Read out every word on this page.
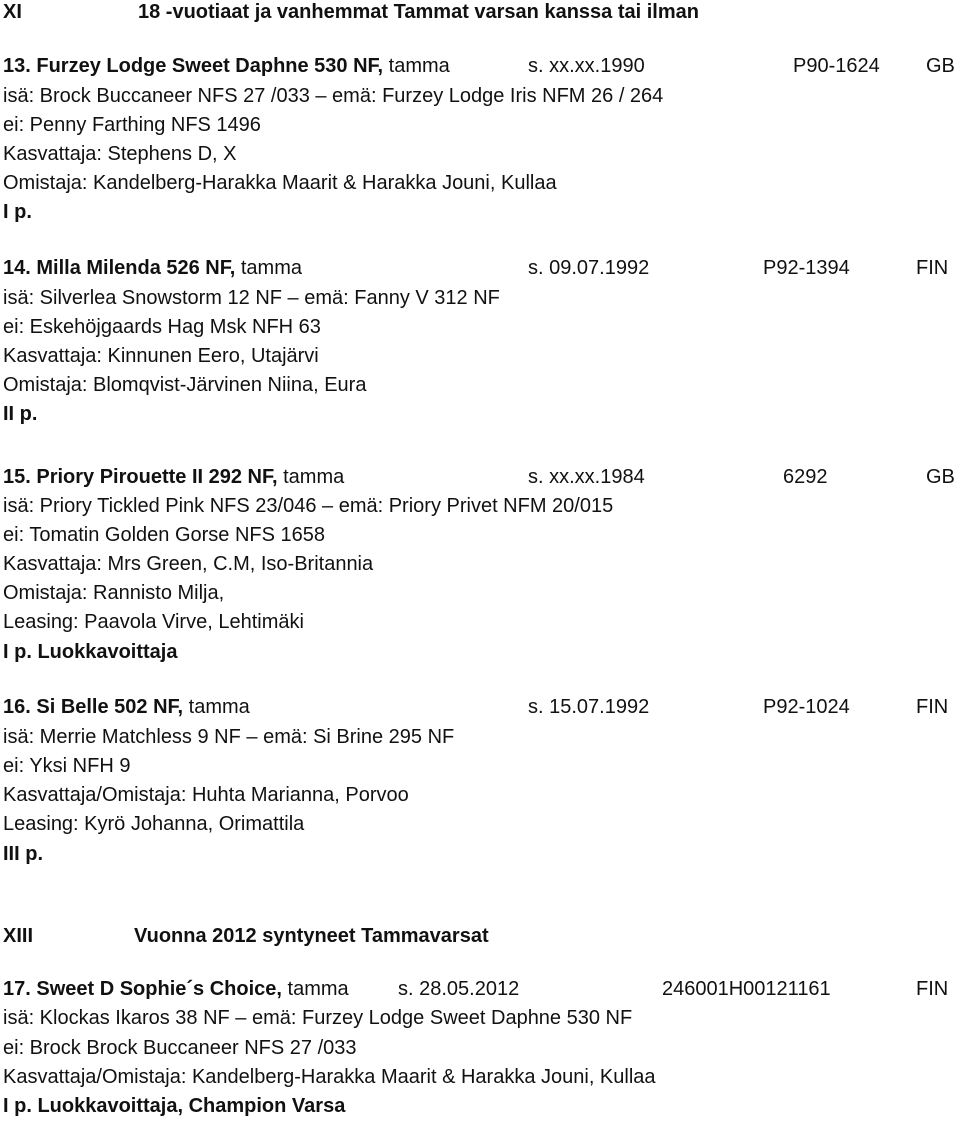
XI	18 -vuotiaat ja vanhemmat Tammat varsan kanssa tai ilman
13. Furzey Lodge Sweet Daphne 530 NF, tamma	s. xx.xx.1990	P90-1624 GB
isä: Brock Buccaneer NFS 27 /033 – emä: Furzey Lodge Iris NFM 26 / 264
ei: Penny Farthing NFS 1496
Kasvattaja: Stephens D, X
Omistaja: Kandelberg-Harakka Maarit & Harakka Jouni, Kullaa
I p.
14. Milla Milenda 526 NF, tamma	s. 09.07.1992	P92-1394	FIN
isä: Silverlea Snowstorm 12 NF – emä: Fanny V 312 NF
ei: Eskehöjgaards Hag Msk NFH 63
Kasvattaja: Kinnunen Eero, Utajärvi
Omistaja: Blomqvist-Järvinen Niina, Eura
II p.
15. Priory Pirouette II 292 NF, tamma	s. xx.xx.1984	6292	GB
isä: Priory Tickled Pink NFS 23/046 – emä: Priory Privet NFM 20/015
ei: Tomatin Golden Gorse NFS 1658
Kasvattaja: Mrs Green, C.M, Iso-Britannia
Omistaja: Rannisto Milja,
Leasing: Paavola Virve, Lehtimäki
I p. Luokkavoittaja
16. Si Belle 502 NF, tamma	s. 15.07.1992	P92-1024	FIN
isä: Merrie Matchless 9 NF – emä: Si Brine 295 NF
ei: Yksi NFH 9
Kasvattaja/Omistaja: Huhta Marianna, Porvoo
Leasing: Kyrö Johanna, Orimattila
III p.
XIII	Vuonna 2012 syntyneet Tammavarsat
17. Sweet D Sophie´s Choice, tamma s. 28.05.2012	246001H00121161	FIN
isä: Klockas Ikaros 38 NF – emä: Furzey Lodge Sweet Daphne 530 NF
ei: Brock Brock Buccaneer NFS 27 /033
Kasvattaja/Omistaja: Kandelberg-Harakka Maarit & Harakka Jouni, Kullaa
I p. Luokkavoittaja, Champion Varsa
